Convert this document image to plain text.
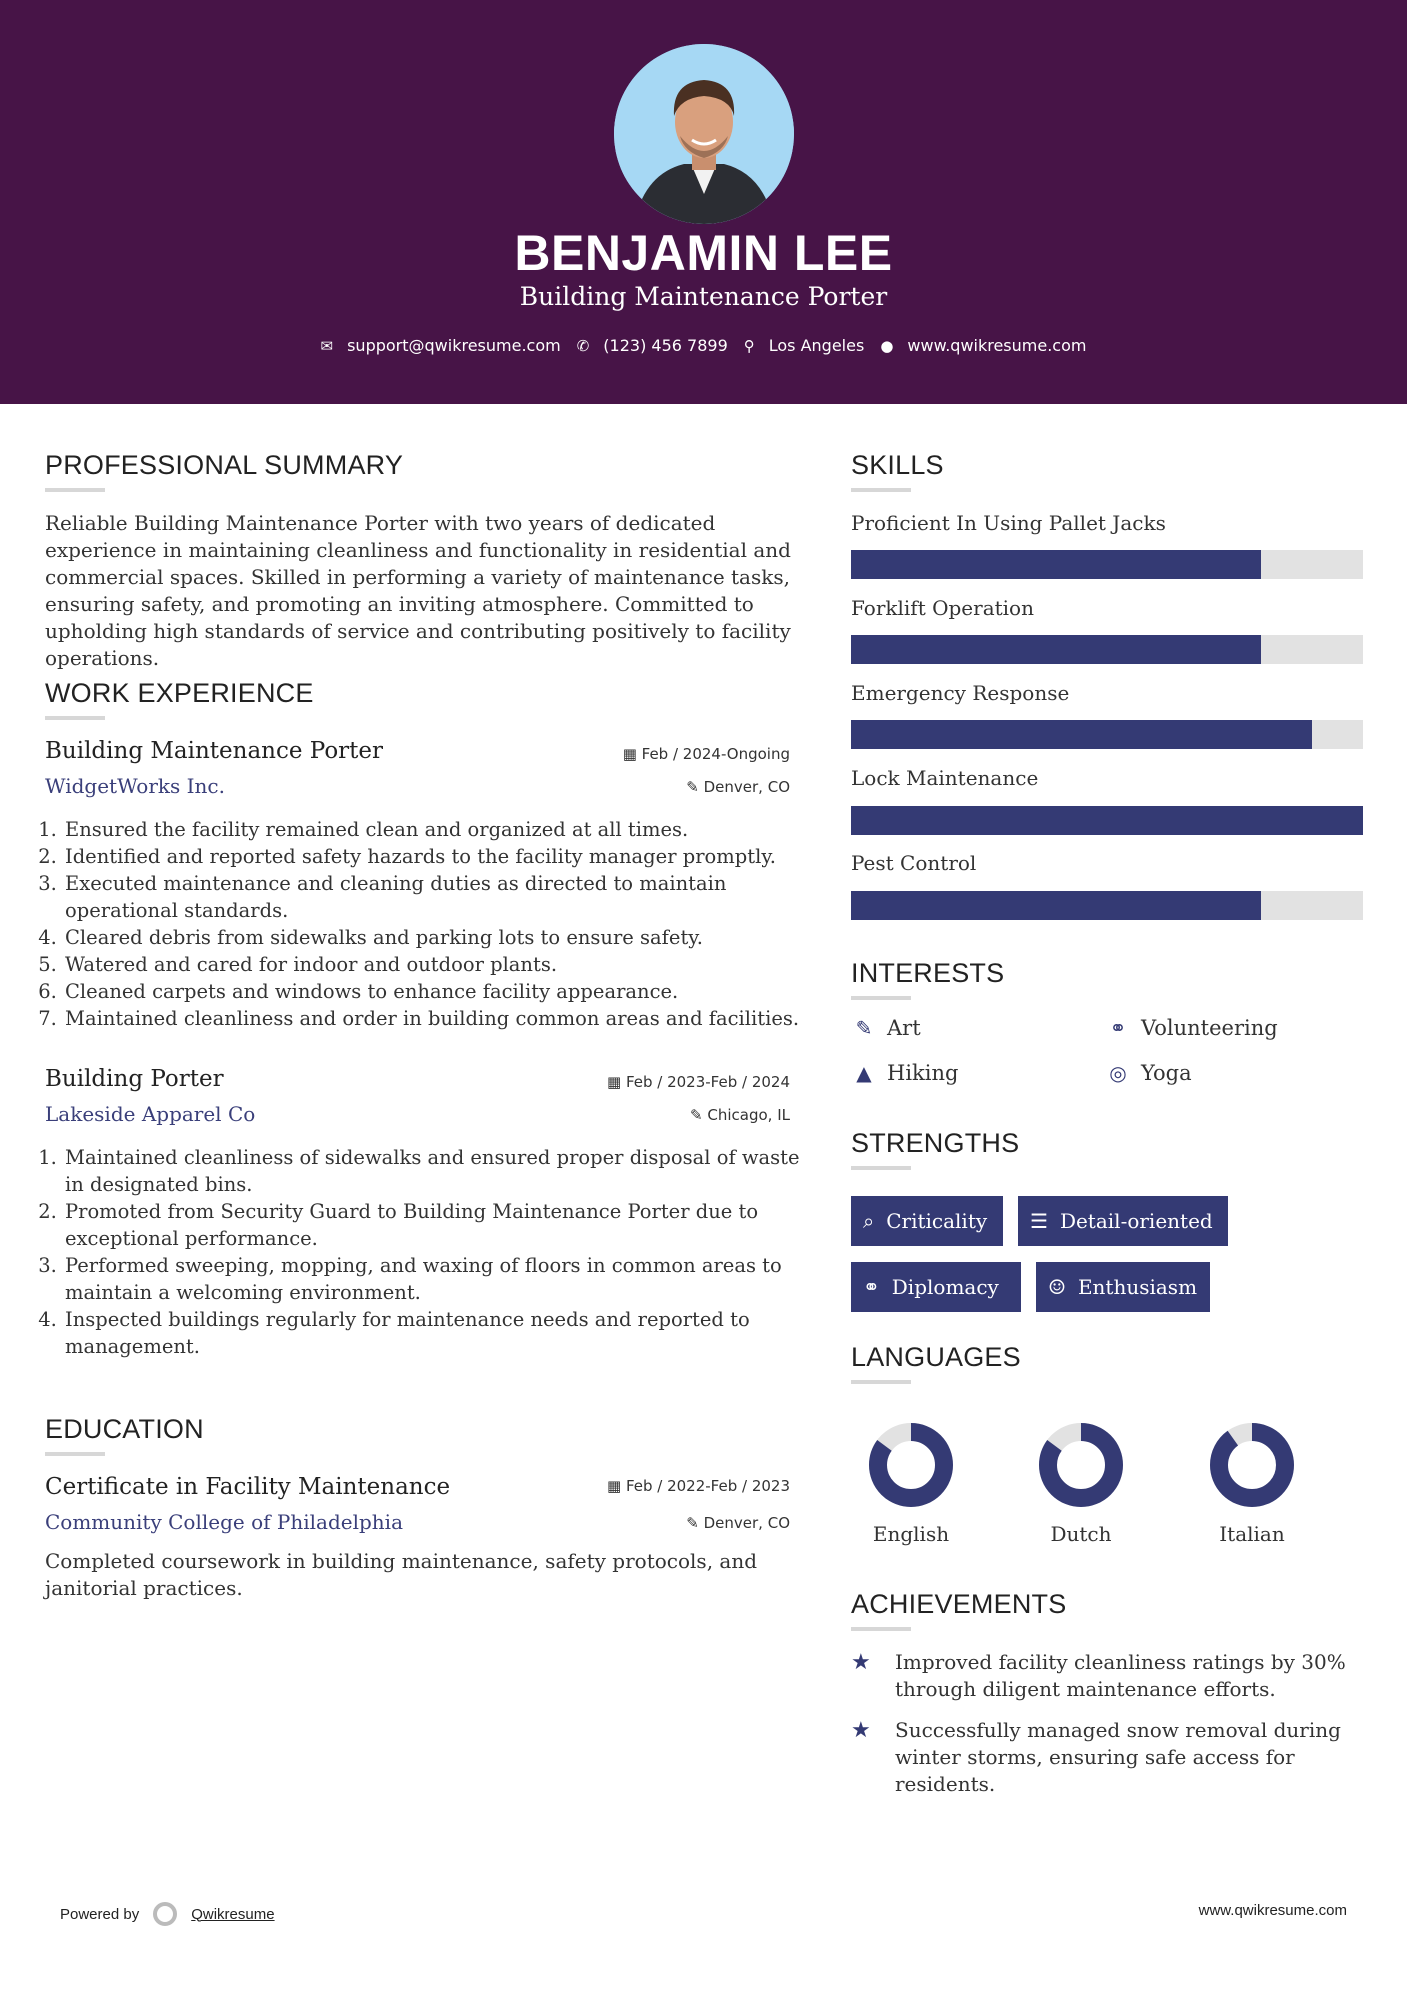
BENJAMIN LEE
Building Maintenance Porter
✉ support@qwikresume.com ✆ (123) 456 7899 ⚲ Los Angeles ● www.qwikresume.com
PROFESSIONAL SUMMARY
Reliable Building Maintenance Porter with two years of dedicated experience in maintaining cleanliness and functionality in residential and commercial spaces. Skilled in performing a variety of maintenance tasks, ensuring safety, and promoting an inviting atmosphere. Committed to upholding high standards of service and contributing positively to facility operations.
WORK EXPERIENCE
Building Maintenance Porter	▦ Feb / 2024-Ongoing
WidgetWorks Inc.	✎ Denver, CO
1. Ensured the facility remained clean and organized at all times.
2. Identified and reported safety hazards to the facility manager promptly.
3. Executed maintenance and cleaning duties as directed to maintain operational standards.
4. Cleared debris from sidewalks and parking lots to ensure safety.
5. Watered and cared for indoor and outdoor plants.
6. Cleaned carpets and windows to enhance facility appearance.
7. Maintained cleanliness and order in building common areas and facilities.
Building Porter	▦ Feb / 2023-Feb / 2024
Lakeside Apparel Co	✎ Chicago, IL
1. Maintained cleanliness of sidewalks and ensured proper disposal of waste in designated bins.
2. Promoted from Security Guard to Building Maintenance Porter due to exceptional performance.
3. Performed sweeping, mopping, and waxing of floors in common areas to maintain a welcoming environment.
4. Inspected buildings regularly for maintenance needs and reported to management.
EDUCATION
Certificate in Facility Maintenance	▦ Feb / 2022-Feb / 2023
Community College of Philadelphia	✎ Denver, CO
Completed coursework in building maintenance, safety protocols, and janitorial practices.
SKILLS
Proficient In Using Pallet Jacks
Forklift Operation
Emergency Response
Lock Maintenance
Pest Control
INTERESTS
✎ Art	⚭ Volunteering
▲ Hiking	◎ Yoga
STRENGTHS
⌕ Criticality ☰ Detail-oriented
⚭ Diplomacy ☺ Enthusiasm
LANGUAGES
English	Dutch	Italian
ACHIEVEMENTS
★	Improved facility cleanliness ratings by 30% through diligent maintenance efforts.
★	Successfully managed snow removal during winter storms, ensuring safe access for residents.
Powered by	Qwikresume	www.qwikresume.com
